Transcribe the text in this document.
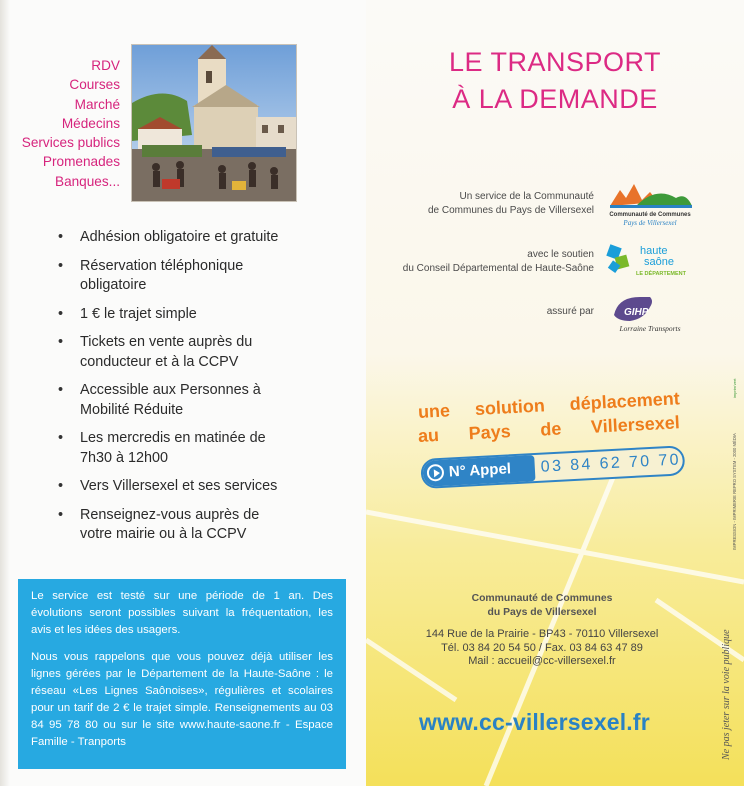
RDV
Courses
Marché
Médecins
Services publics
Promenades
Banques...
• Adhésion obligatoire et gratuite
• Réservation téléphonique obligatoire
• 1 € le trajet simple
• Tickets en vente auprès du conducteur et à la CCPV
• Accessible aux Personnes à Mobilité Réduite
• Les mercredis en matinée de 7h30 à 12h00
• Vers Villersexel et ses services
• Renseignez-vous auprès de votre mairie ou à la CCPV

Le service est testé sur une période de 1 an. Des évolutions seront possibles suivant la fréquentation, les avis et les idées des usagers.

Nous vous rappelons que vous pouvez déjà utiliser les lignes gérées par le Département de la Haute-Saône : le réseau «Les Lignes Saônoises», régulières et scolaires pour un tarif de 2 € le trajet simple. Renseignements au 03 84 95 78 80 ou sur le site www.haute-saone.fr - Espace Famille - Tranports

LE TRANSPORT
À LA DEMANDE
Un service de la Communauté
de Communes du Pays de Villersexel	Communauté de Communes
Pays de Villersexel
avec le soutien
du Conseil Départemental de Haute-Saône
haute
saône
LE DÉPARTEMENT
assuré par	GIHP
Lorraine Transports
une solution déplacement
au Pays de Villersexel
N° Appel 03 84 62 70 70
Communauté de Communes
du Pays de Villersexel
144 Rue de la Prairie - BP43 - 70110 Villersexel
Tél. 03 84 20 54 50 / Fax. 03 84 63 47 89
Mail : accueil@cc-villersexel.fr
www.cc-villersexel.fr	Ne pas jeter sur la voie publique
IMPRESSION - IMPRIMERIE REPRO SYSTEM - 2000 MÉDIA
imprim'vert
